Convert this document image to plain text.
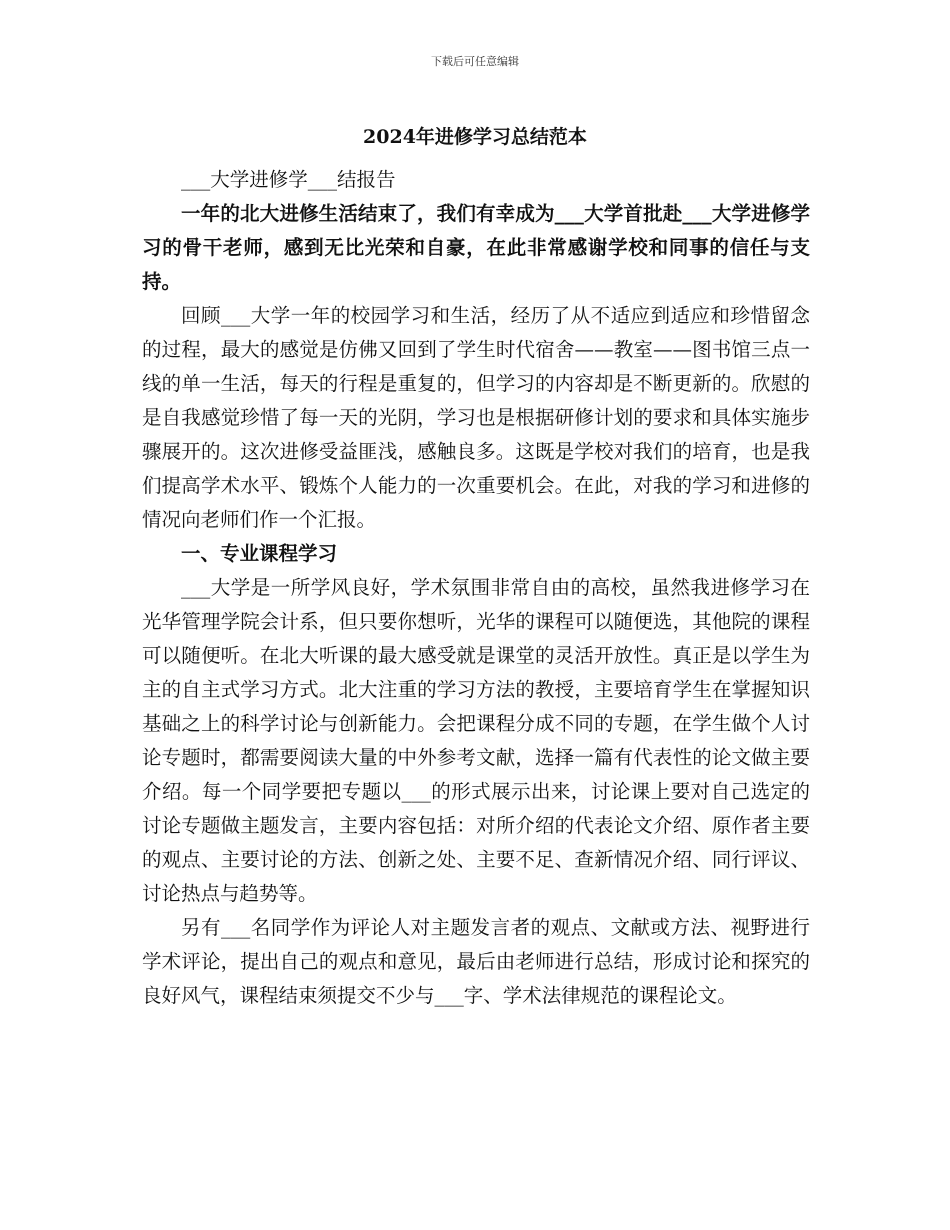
下载后可任意编辑
2024年进修学习总结范本

___大学进修学___结报告

一年的北大进修生活结束了，我们有幸成为___大学首批赴___大学进修学习的骨干老师，感到无比光荣和自豪，在此非常感谢学校和同事的信任与支持。

回顾___大学一年的校园学习和生活，经历了从不适应到适应和珍惜留念的过程，最大的感觉是仿佛又回到了学生时代宿舍——教室——图书馆三点一线的单一生活，每天的行程是重复的，但学习的内容却是不断更新的。欣慰的是自我感觉珍惜了每一天的光阴，学习也是根据研修计划的要求和具体实施步骤展开的。这次进修受益匪浅，感触良多。这既是学校对我们的培育，也是我们提高学术水平、锻炼个人能力的一次重要机会。在此，对我的学习和进修的情况向老师们作一个汇报。

一、专业课程学习

___大学是一所学风良好，学术氛围非常自由的高校，虽然我进修学习在光华管理学院会计系，但只要你想听，光华的课程可以随便选，其他院的课程可以随便听。在北大听课的最大感受就是课堂的灵活开放性。真正是以学生为主的自主式学习方式。北大注重的学习方法的教授，主要培育学生在掌握知识基础之上的科学讨论与创新能力。会把课程分成不同的专题，在学生做个人讨论专题时，都需要阅读大量的中外参考文献，选择一篇有代表性的论文做主要介绍。每一个同学要把专题以___的形式展示出来，讨论课上要对自己选定的讨论专题做主题发言，主要内容包括：对所介绍的代表论文介绍、原作者主要的观点、主要讨论的方法、创新之处、主要不足、查新情况介绍、同行评议、讨论热点与趋势等。

另有___名同学作为评论人对主题发言者的观点、文献或方法、视野进行学术评论，提出自己的观点和意见，最后由老师进行总结，形成讨论和探究的良好风气，课程结束须提交不少与___字、学术法律规范的课程论文。
